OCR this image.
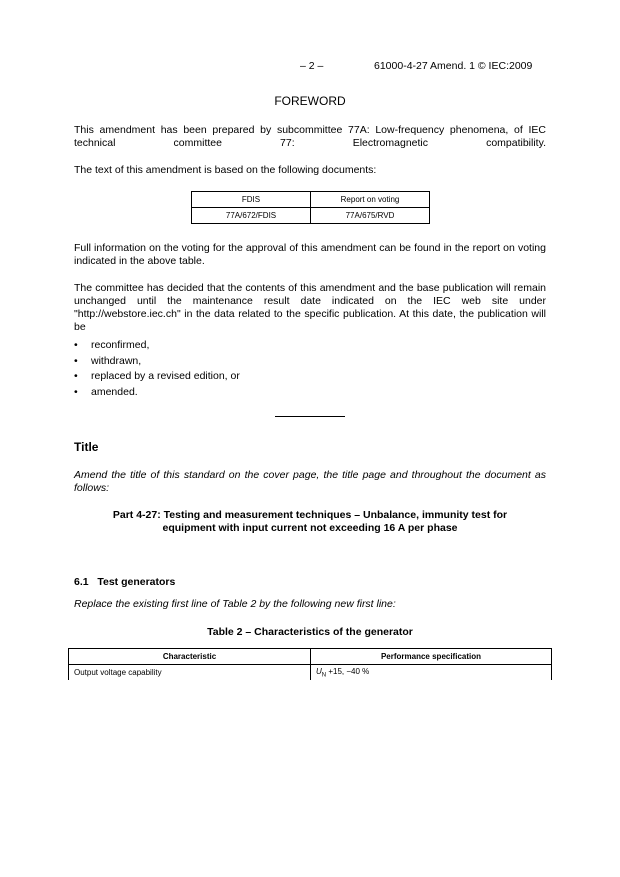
– 2 –	61000-4-27 Amend. 1 © IEC:2009
FOREWORD
This amendment has been prepared by subcommittee 77A: Low-frequency phenomena, of IEC technical committee 77: Electromagnetic compatibility.
The text of this amendment is based on the following documents:
FDIS	Report on voting
77A/672/FDIS	77A/675/RVD
Full information on the voting for the approval of this amendment can be found in the report on voting indicated in the above table.
The committee has decided that the contents of this amendment and the base publication will remain unchanged until the maintenance result date indicated on the IEC web site under "http://webstore.iec.ch" in the data related to the specific publication. At this date, the publication will be
•	reconfirmed,
•	withdrawn,
•	replaced by a revised edition, or
•	amended.
Title
Amend the title of this standard on the cover page, the title page and throughout the document as follows:
Part 4-27: Testing and measurement techniques – Unbalance, immunity test for
equipment with input current not exceeding 16 A per phase
6.1   Test generators
Replace the existing first line of Table 2 by the following new first line:
Table 2 – Characteristics of the generator
Characteristic	Performance specification
Output voltage capability	$U_N +15$, −40 %
